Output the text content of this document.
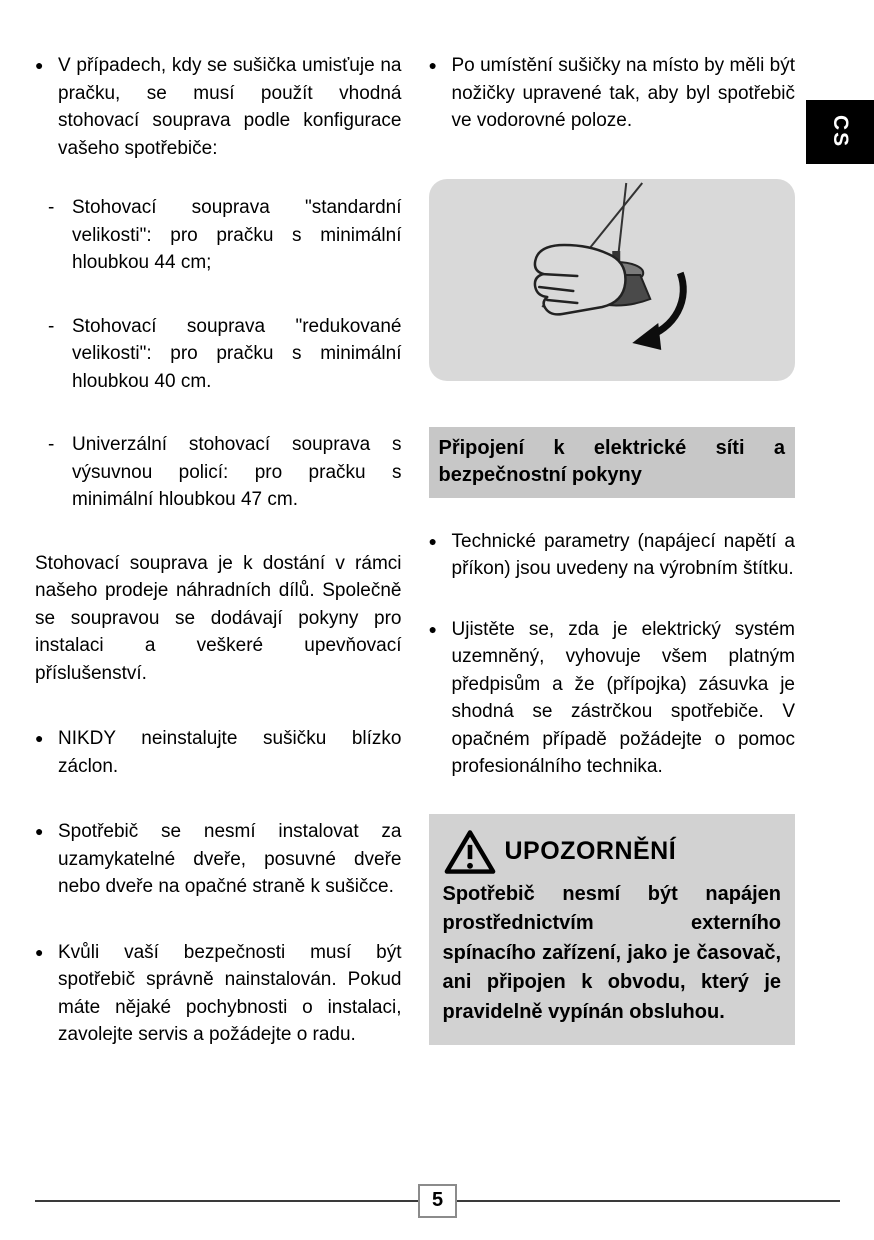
CS
● V případech, kdy se sušička umisťuje na pračku, se musí použít vhodná stohovací souprava podle konfigurace vašeho spotřebiče:

- Stohovací souprava "standardní velikosti": pro pračku s minimální hloubkou 44 cm;

- Stohovací souprava "redukované velikosti": pro pračku s minimální hloubkou 40 cm.

- Univerzální stohovací souprava s výsuvnou policí: pro pračku s minimální hloubkou 47 cm.

Stohovací souprava je k dostání v rámci našeho prodeje náhradních dílů. Společně se soupravou se dodávají pokyny pro instalaci a veškeré upevňovací příslušenství.

● NIKDY neinstalujte sušičku blízko záclon.

● Spotřebič se nesmí instalovat za uzamykatelné dveře, posuvné dveře nebo dveře na opačné straně k sušičce.

● Kvůli vaší bezpečnosti musí být spotřebič správně nainstalován. Pokud máte nějaké pochybnosti o instalaci, zavolejte servis a požádejte o radu.

● Po umístění sušičky na místo by měli být nožičky upravené tak, aby byl spotřebič ve vodorovné poloze.

Připojení k elektrické síti a bezpečnostní pokyny
● Technické parametry (napájecí napětí a příkon) jsou uvedeny na výrobním štítku.

● Ujistěte se, zda je elektrický systém uzemněný, vyhovuje všem platným předpisům a že (přípojka) zásuvka je shodná se zástrčkou spotřebiče. V opačném případě požádejte o pomoc profesionálního technika.

UPOZORNĚNÍ

Spotřebič nesmí být napájen prostřednictvím externího spínacího zařízení, jako je časovač, ani připojen k obvodu, který je pravidelně vypínán obsluhou.

5
